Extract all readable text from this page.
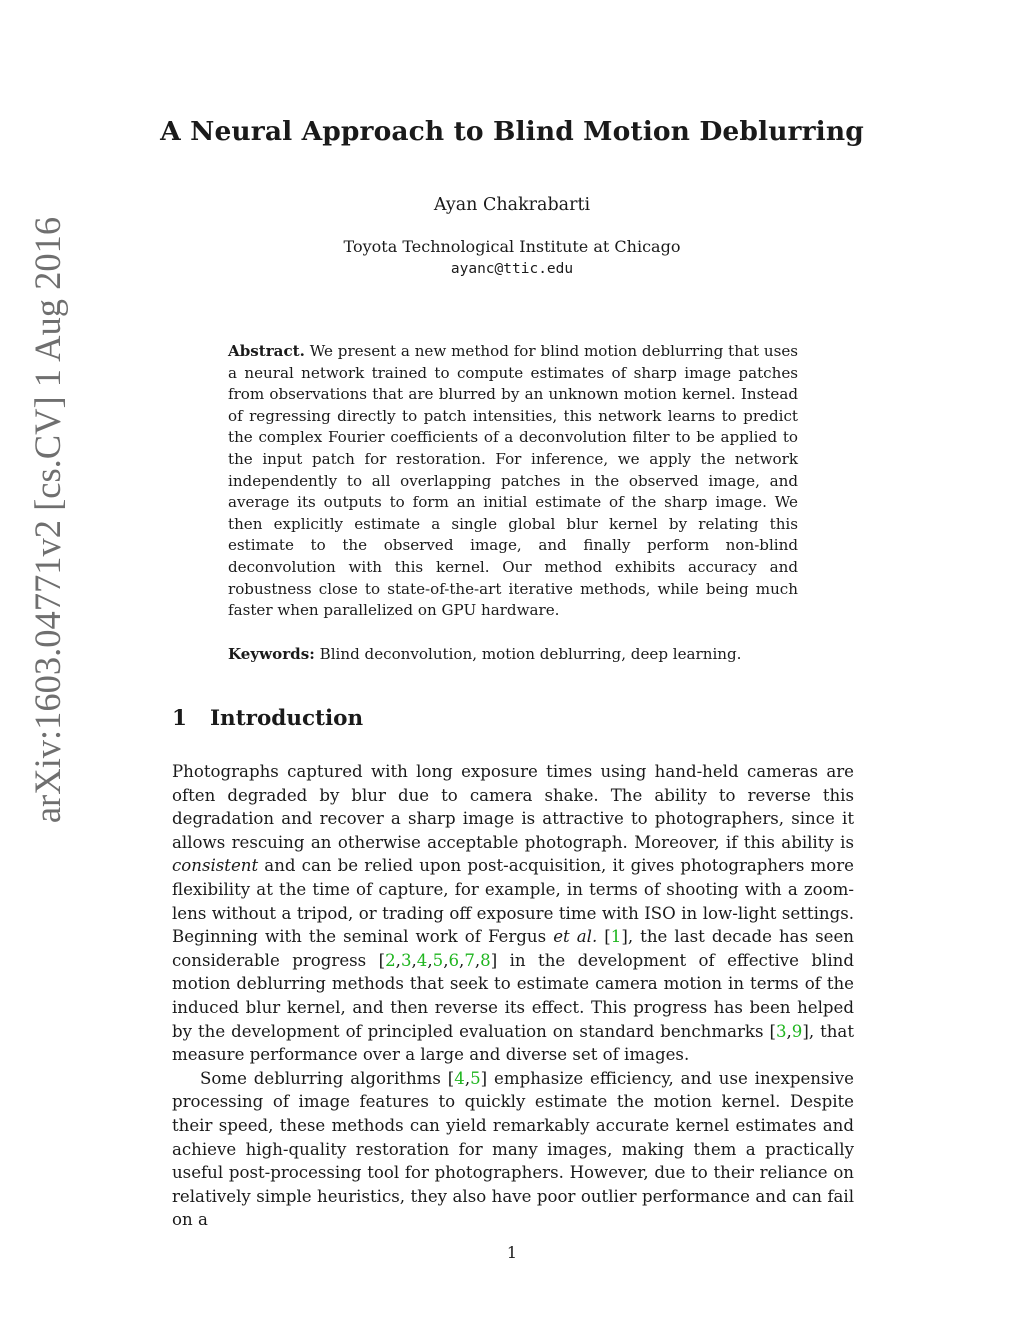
arXiv:1603.04771v2 [cs.CV] 1 Aug 2016
A Neural Approach to Blind Motion Deblurring
Ayan Chakrabarti
Toyota Technological Institute at Chicago
ayanc@ttic.edu
Abstract. We present a new method for blind motion deblurring that uses a neural network trained to compute estimates of sharp image patches from observations that are blurred by an unknown motion kernel. Instead of regressing directly to patch intensities, this network learns to predict the complex Fourier coefficients of a deconvolution filter to be applied to the input patch for restoration. For inference, we apply the network independently to all overlapping patches in the observed image, and average its outputs to form an initial estimate of the sharp image. We then explicitly estimate a single global blur kernel by relating this estimate to the observed image, and finally perform non-blind deconvolution with this kernel. Our method exhibits accuracy and robustness close to state-of-the-art iterative methods, while being much faster when parallelized on GPU hardware.
Keywords: Blind deconvolution, motion deblurring, deep learning.
1 Introduction

Photographs captured with long exposure times using hand-held cameras are often degraded by blur due to camera shake. The ability to reverse this degradation and recover a sharp image is attractive to photographers, since it allows rescuing an otherwise acceptable photograph. Moreover, if this ability is consistent and can be relied upon post-acquisition, it gives photographers more flexibility at the time of capture, for example, in terms of shooting with a zoom-lens without a tripod, or trading off exposure time with ISO in low-light settings. Beginning with the seminal work of Fergus et al. [1], the last decade has seen considerable progress [2,3,4,5,6,7,8] in the development of effective blind motion deblurring methods that seek to estimate camera motion in terms of the induced blur kernel, and then reverse its effect. This progress has been helped by the development of principled evaluation on standard benchmarks [3,9], that measure performance over a large and diverse set of images.

Some deblurring algorithms [4,5] emphasize efficiency, and use inexpensive processing of image features to quickly estimate the motion kernel. Despite their speed, these methods can yield remarkably accurate kernel estimates and achieve high-quality restoration for many images, making them a practically useful post-processing tool for photographers. However, due to their reliance on relatively simple heuristics, they also have poor outlier performance and can fail on a

1
